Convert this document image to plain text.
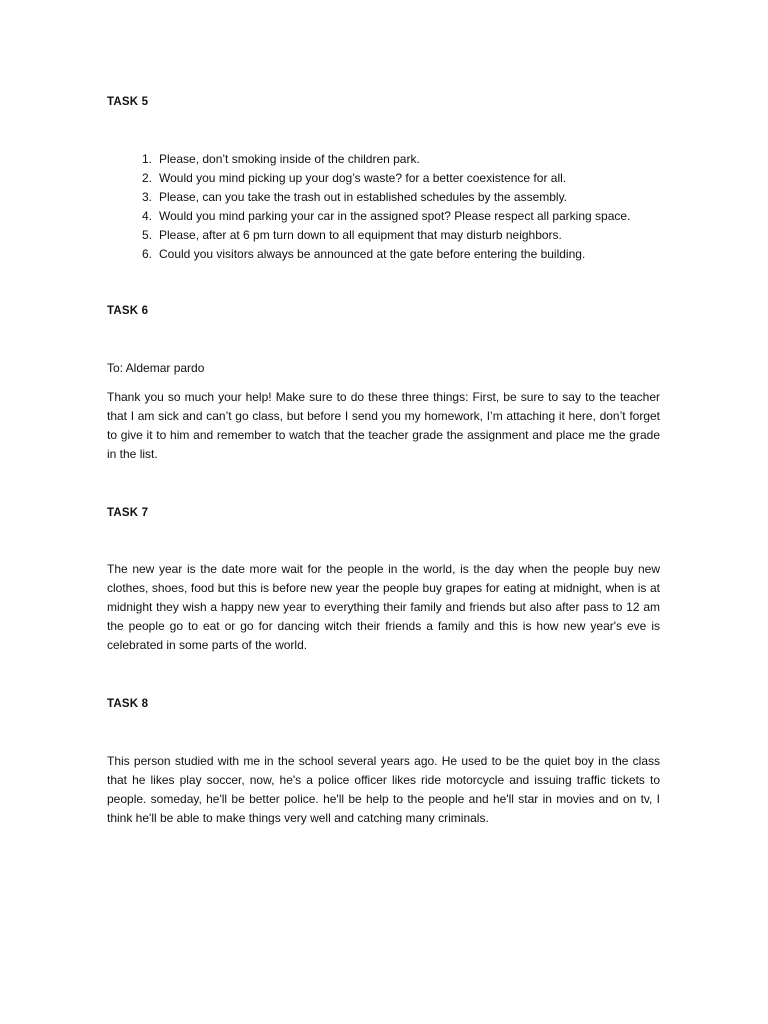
TASK 5
1. Please, don’t smoking inside of the children park.
2. Would you mind picking up your dog’s waste? for a better coexistence for all.
3. Please, can you take the trash out in established schedules by the assembly.
4. Would you mind parking your car in the assigned spot? Please respect all parking space.
5. Please, after at 6 pm turn down to all equipment that may disturb neighbors.
6. Could you visitors always be announced at the gate before entering the building.
TASK 6

To: Aldemar pardo

Thank you so much your help! Make sure to do these three things: First, be sure to say to the teacher that I am sick and can’t go class, but before I send you my homework, I’m attaching it here, don’t forget to give it to him and remember to watch that the teacher grade the assignment and place me the grade in the list.

TASK 7

The new year is the date more wait for the people in the world, is the day when the people buy new clothes, shoes, food but this is before new year the people buy grapes for eating at midnight, when is at midnight they wish a happy new year to everything their family and friends but also after pass to 12 am the people go to eat or go for dancing witch their friends a family and this is how new year's eve is celebrated in some parts of the world.

TASK 8

This person studied with me in the school several years ago. He used to be the quiet boy in the class that he likes play soccer, now, he's a police officer likes ride motorcycle and issuing traffic tickets to people. someday, he'll be better police. he'll be help to the people and he'll star in movies and on tv, I think he'll be able to make things very well and catching many criminals.
